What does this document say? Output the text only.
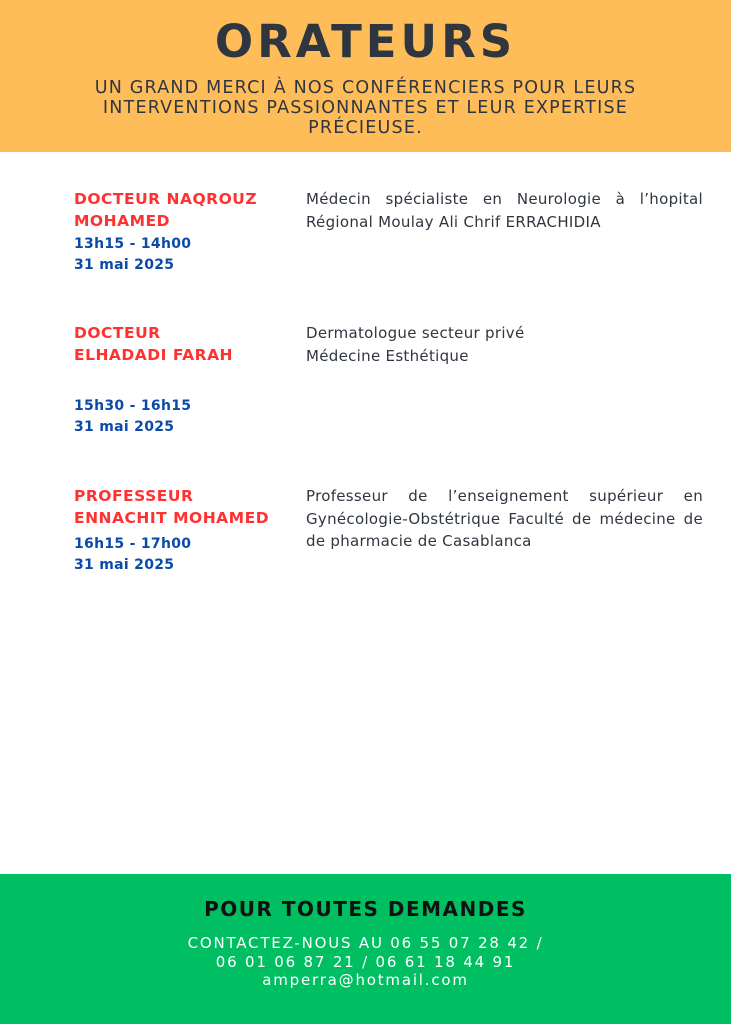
ORATEURS
UN GRAND MERCI À NOS CONFÉRENCIERS POUR LEURS INTERVENTIONS PASSIONNANTES ET LEUR EXPERTISE PRÉCIEUSE.
DOCTEUR NAQROUZ
MOHAMED
13h15 - 14h00
31 mai 2025
Médecin spécialiste en Neurologie à l’hopital Régional Moulay Ali Chrif ERRACHIDIA
DOCTEUR
ELHADADI FARAH
15h30 - 16h15
31 mai 2025
Dermatologue secteur privé
Médecine Esthétique
PROFESSEUR
ENNACHIT MOHAMED
16h15 - 17h00
31 mai 2025
Professeur de l’enseignement supérieur en Gynécologie-Obstétrique Faculté de médecine de de pharmacie de Casablanca
POUR TOUTES DEMANDES
CONTACTEZ-NOUS AU 06 55 07 28 42 /
06 01 06 87 21 / 06 61 18 44 91
amperra@hotmail.com
